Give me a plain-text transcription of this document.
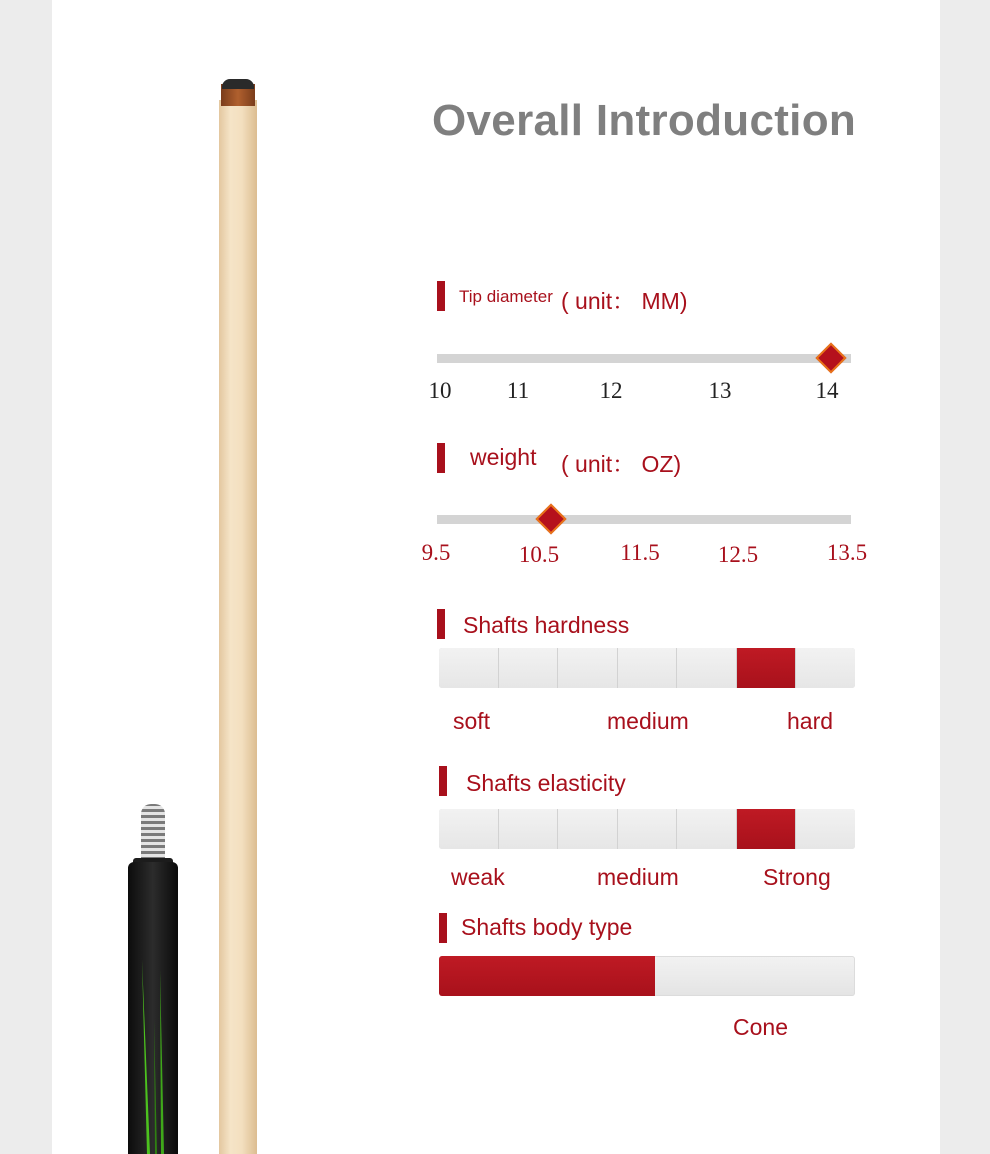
Overall Introduction
Tip diameter ( unit： MM)
10 11	12	13	14
weight ( unit： OZ)
9.5	10.5	11.5	12.5	13.5
Shafts hardness
soft	medium	hard
Shafts elasticity
weak	medium	Strong
Shafts body type
Cone
